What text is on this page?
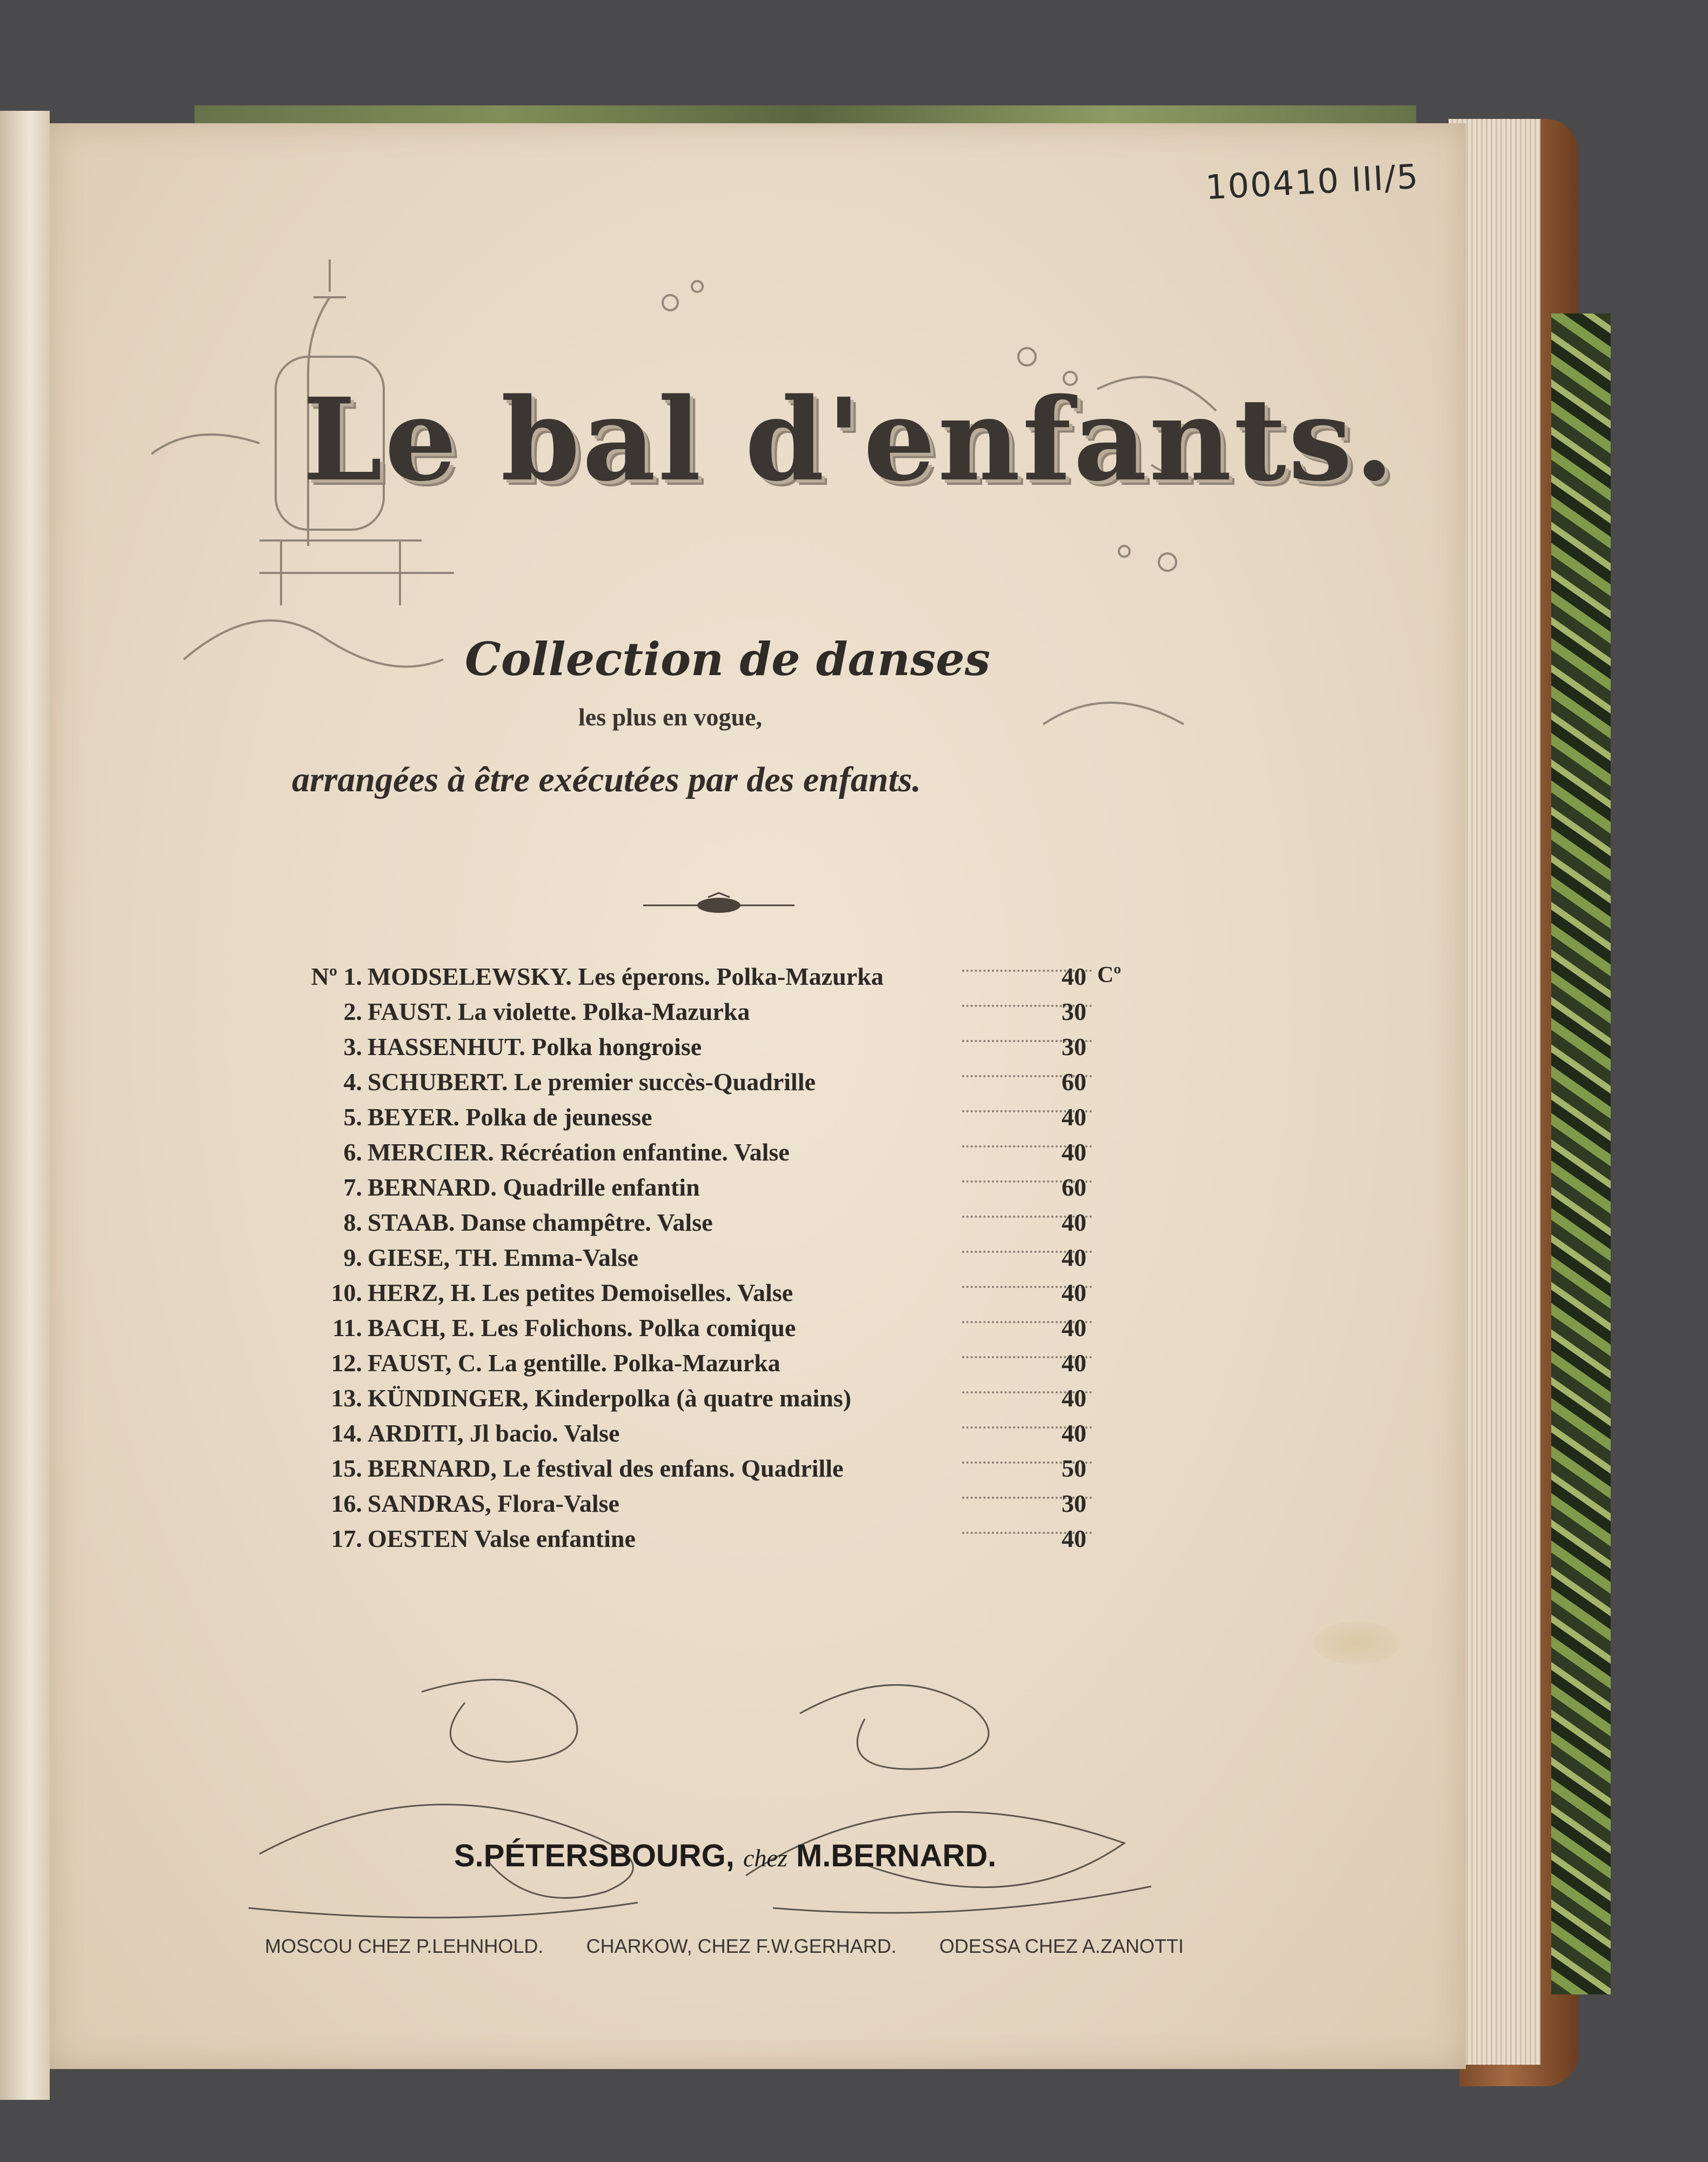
100410 III/5
Le bal d'enfants.
Collection de danses
les plus en vogue,
arrangées à être exécutées par des enfants.
Nº 1. MODSELEWSKY. Les éperons. Polka-Mazurka	40 Cº
2. FAUST. La violette. Polka-Mazurka	30
3. HASSENHUT. Polka hongroise	30
4. SCHUBERT. Le premier succès-Quadrille	60
5. BEYER. Polka de jeunesse	40
6. MERCIER. Récréation enfantine. Valse	40
7. BERNARD. Quadrille enfantin	60
8. STAAB. Danse champêtre. Valse	40
9. GIESE, TH. Emma-Valse	40
10. HERZ, H. Les petites Demoiselles. Valse	40
11. BACH, E. Les Folichons. Polka comique	40
12. FAUST, C. La gentille. Polka-Mazurka	40
13. KÜNDINGER, Kinderpolka (à quatre mains)	40
14. ARDITI, Jl bacio. Valse	40
15. BERNARD, Le festival des enfans. Quadrille	50
16. SANDRAS, Flora-Valse	30
17. OESTEN Valse enfantine	40
S.PÉTERSBOURG, chez M.BERNARD.
MOSCOU CHEZ P.LEHNHOLD. CHARKOW, CHEZ F.W.GERHARD. ODESSA CHEZ A.ZANOTTI
